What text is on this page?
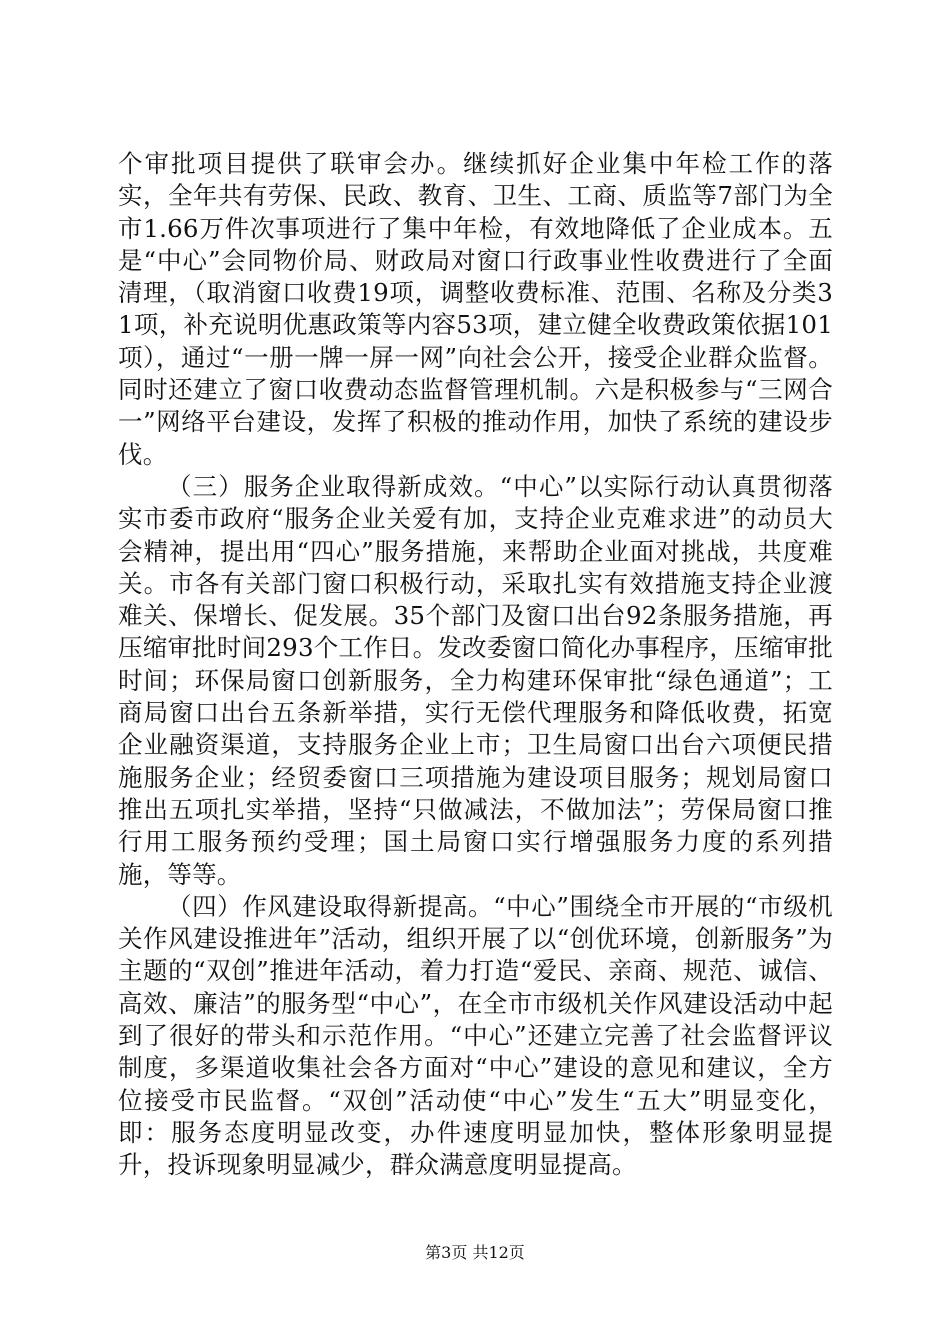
个审批项目提供了联审会办。继续抓好企业集中年检工作的落实，全年共有劳保、民政、教育、卫生、工商、质监等7部门为全市1.66万件次事项进行了集中年检，有效地降低了企业成本。五是“中心”会同物价局、财政局对窗口行政事业性收费进行了全面清理，（取消窗口收费19项，调整收费标准、范围、名称及分类31项，补充说明优惠政策等内容53项，建立健全收费政策依据101项），通过“一册一牌一屏一网”向社会公开，接受企业群众监督。同时还建立了窗口收费动态监督管理机制。六是积极参与“三网合一”网络平台建设，发挥了积极的推动作用，加快了系统的建设步伐。

（三）服务企业取得新成效。“中心”以实际行动认真贯彻落实市委市政府“服务企业关爱有加，支持企业克难求进”的动员大会精神，提出用“四心”服务措施，来帮助企业面对挑战，共度难关。市各有关部门窗口积极行动，采取扎实有效措施支持企业渡难关、保增长、促发展。35个部门及窗口出台92条服务措施，再压缩审批时间293个工作日。发改委窗口简化办事程序，压缩审批时间；环保局窗口创新服务，全力构建环保审批“绿色通道”；工商局窗口出台五条新举措，实行无偿代理服务和降低收费，拓宽企业融资渠道，支持服务企业上市；卫生局窗口出台六项便民措施服务企业；经贸委窗口三项措施为建设项目服务；规划局窗口推出五项扎实举措，坚持“只做减法，不做加法”；劳保局窗口推行用工服务预约受理；国土局窗口实行增强服务力度的系列措施，等等。

（四）作风建设取得新提高。“中心”围绕全市开展的“市级机关作风建设推进年”活动，组织开展了以“创优环境，创新服务”为主题的“双创”推进年活动，着力打造“爱民、亲商、规范、诚信、高效、廉洁”的服务型“中心”，在全市市级机关作风建设活动中起到了很好的带头和示范作用。“中心”还建立完善了社会监督评议制度，多渠道收集社会各方面对“中心”建设的意见和建议，全方位接受市民监督。“双创”活动使“中心”发生“五大”明显变化，即：服务态度明显改变，办件速度明显加快，整体形象明显提升，投诉现象明显减少，群众满意度明显提高。

第3页 共12页
